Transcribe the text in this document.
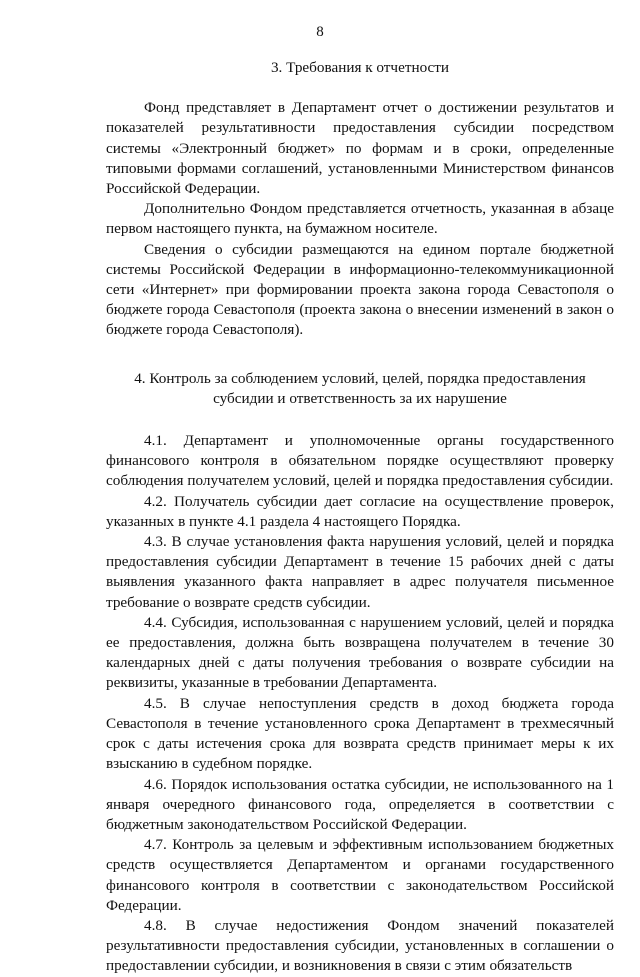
8
3. Требования к отчетности

Фонд представляет в Департамент отчет о достижении результатов и показателей результативности предоставления субсидии посредством системы «Электронный бюджет» по формам и в сроки, определенные типовыми формами соглашений, установленными Министерством финансов Российской Федерации.

Дополнительно Фондом представляется отчетность, указанная в абзаце первом настоящего пункта, на бумажном носителе.

Сведения о субсидии размещаются на едином портале бюджетной системы Российской Федерации в информационно-телекоммуникационной сети «Интернет» при формировании проекта закона города Севастополя о бюджете города Севастополя (проекта закона о внесении изменений в закон о бюджете города Севастополя).

4. Контроль за соблюдением условий, целей, порядка предоставления
субсидии и ответственность за их нарушение

4.1. Департамент и уполномоченные органы государственного финансового контроля в обязательном порядке осуществляют проверку соблюдения получателем условий, целей и порядка предоставления субсидии.

4.2. Получатель субсидии дает согласие на осуществление проверок, указанных в пункте 4.1 раздела 4 настоящего Порядка.

4.3. В случае установления факта нарушения условий, целей и порядка предоставления субсидии Департамент в течение 15 рабочих дней с даты выявления указанного факта направляет в адрес получателя письменное требование о возврате средств субсидии.

4.4. Субсидия, использованная с нарушением условий, целей и порядка ее предоставления, должна быть возвращена получателем в течение 30 календарных дней с даты получения требования о возврате субсидии на реквизиты, указанные в требовании Департамента.

4.5. В случае непоступления средств в доход бюджета города Севастополя в течение установленного срока Департамент в трехмесячный срок с даты истечения срока для возврата средств принимает меры к их взысканию в судебном порядке.

4.6. Порядок использования остатка субсидии, не использованного на 1 января очередного финансового года, определяется в соответствии с бюджетным законодательством Российской Федерации.

4.7. Контроль за целевым и эффективным использованием бюджетных средств осуществляется Департаментом и органами государственного финансового контроля в соответствии с законодательством Российской Федерации.

4.8. В случае недостижения Фондом значений показателей результативности предоставления субсидии, установленных в соглашении о предоставлении субсидии, и возникновения в связи с этим обязательств
